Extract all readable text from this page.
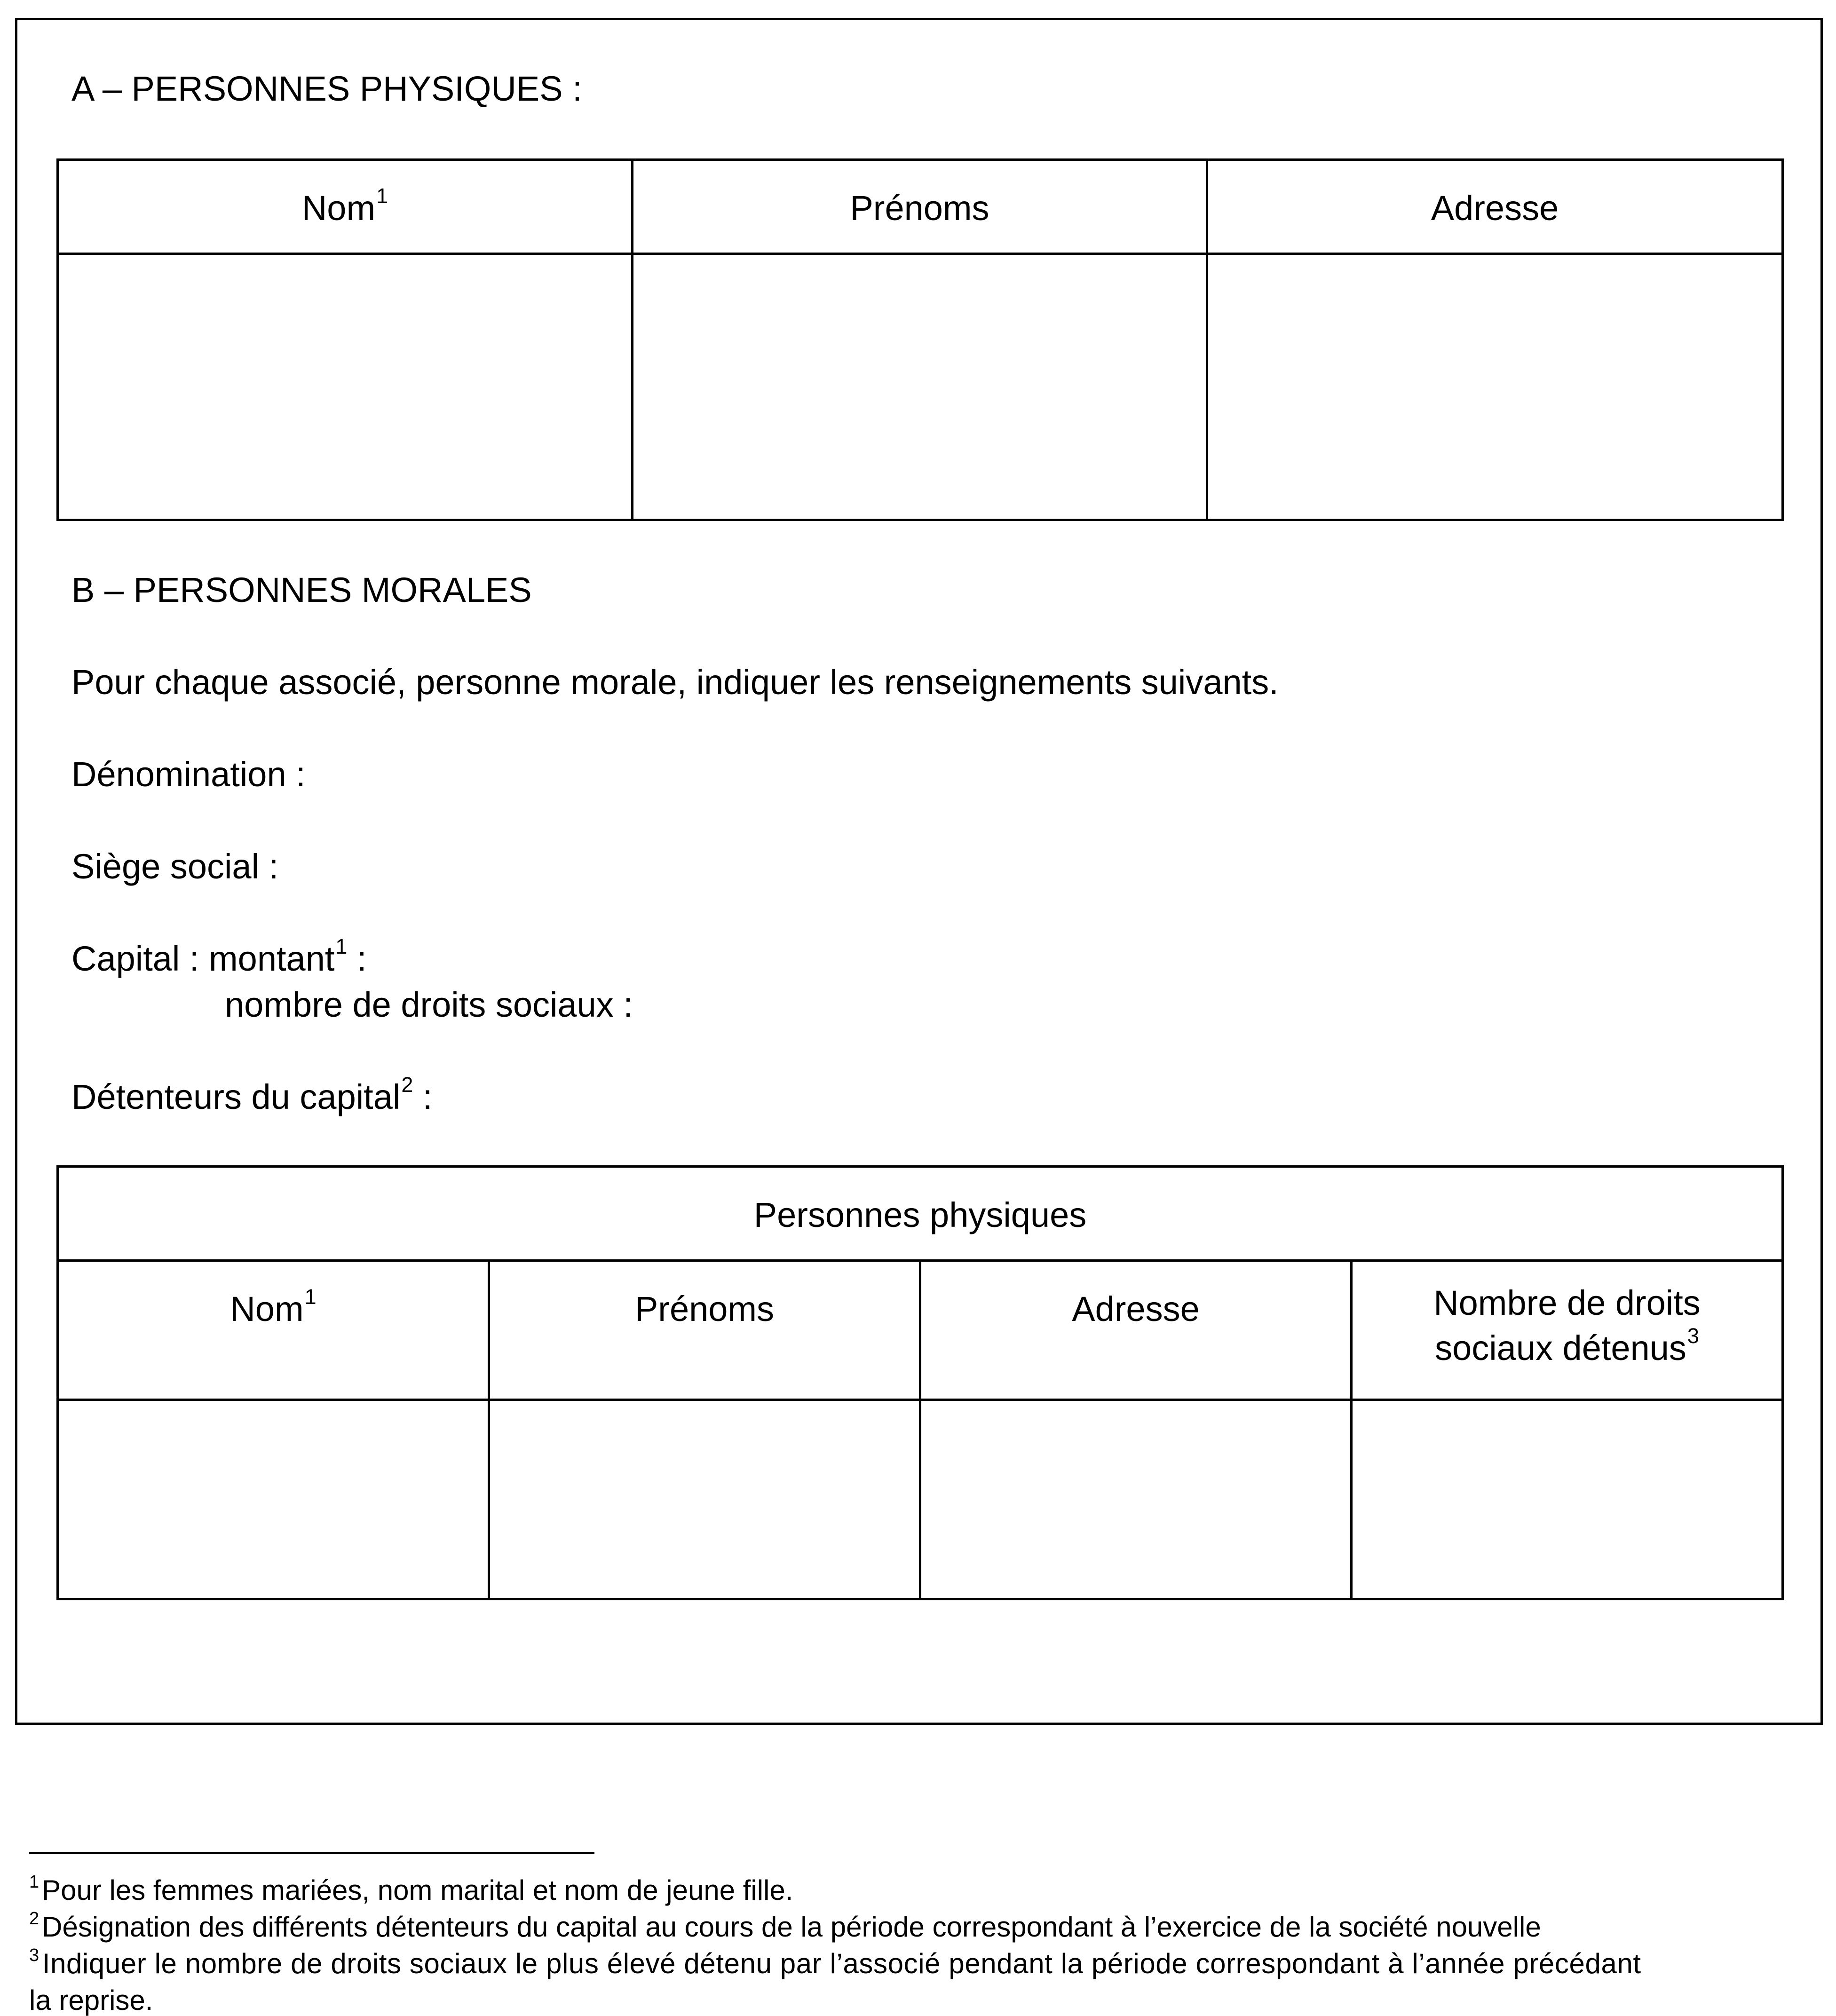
A – PERSONNES PHYSIQUES :
Nom$^1$	Prénoms	Adresse

B – PERSONNES MORALES
Pour chaque associé, personne morale, indiquer les renseignements suivants.
Dénomination :
Siège social :
Capital : montant$^1$ :
nombre de droits sociaux :
Détenteurs du capital$^2$ :
Personnes physiques			
Nom$^1$	Prénoms	Adresse	Nombre de droits
sociaux détenus$^3$

$^1$ Pour les femmes mariées, nom marital et nom de jeune fille.
$^2$ Désignation des différents détenteurs du capital au cours de la période correspondant à l’exercice de la société nouvelle
$^3$ Indiquer le nombre de droits sociaux le plus élevé détenu par l’associé pendant la période correspondant à l’année précédant
la reprise.
